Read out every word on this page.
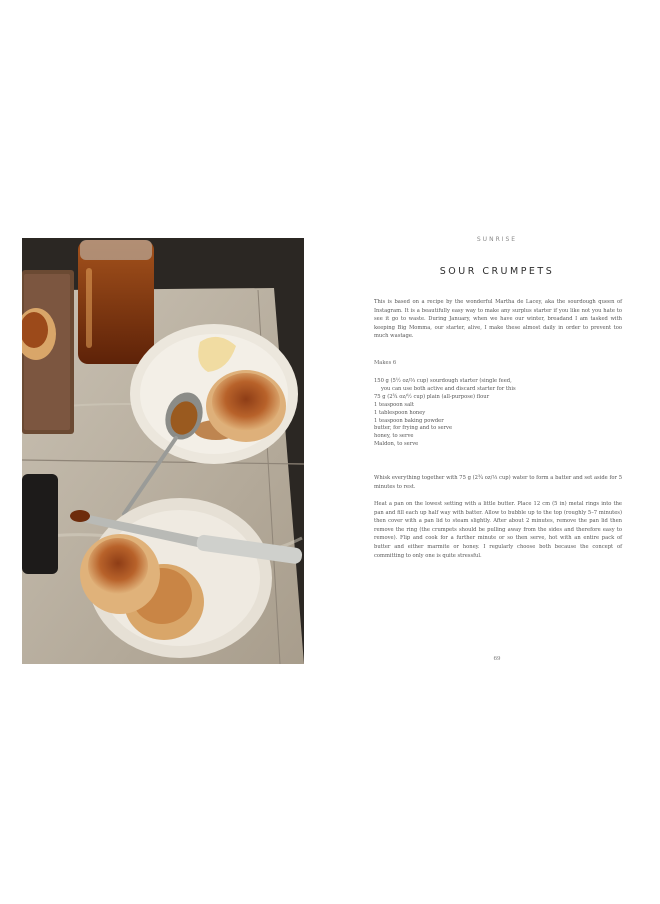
SUNRISE
SOUR CRUMPETS

This is based on a recipe by the wonderful Martha de Lacey, aka the sourdough queen of Instagram. It is a beautifully easy way to make any surplus starter if you like not you hate to see it go to waste. During January, when we have our winter, breadand I am tasked with keeping Big Momma, our starter, alive, I make these almost daily in order to prevent too much wastage.

Makes 6
150 g (5½ oz/⅔ cup) sourdough starter (single feed,
you can use both active and discard starter for this
75 g (2¾ oz/½ cup) plain (all-purpose) flour
1 teaspoon salt
1 tablespoon honey
1 teaspoon baking powder
butter, for frying and to serve
honey, to serve
Maldon, to serve

Whisk everything together with 75 g (2¾ oz/⅓ cup) water to form a batter and set aside for 5 minutes to rest.

Heat a pan on the lowest setting with a little butter. Place 12 cm (5 in) metal rings into the pan and fill each up half way with batter. Allow to bubble up to the top (roughly 5–7 minutes) then cover with a pan lid to steam slightly. After about 2 minutes, remove the pan lid then remove the ring (the crumpets should be pulling away from the sides and therefore easy to remove). Flip and cook for a further minute or so then serve, hot with an entire pack of butter and either marmite or honey. I regularly choose both because the concept of committing to only one is quite stressful.

69
